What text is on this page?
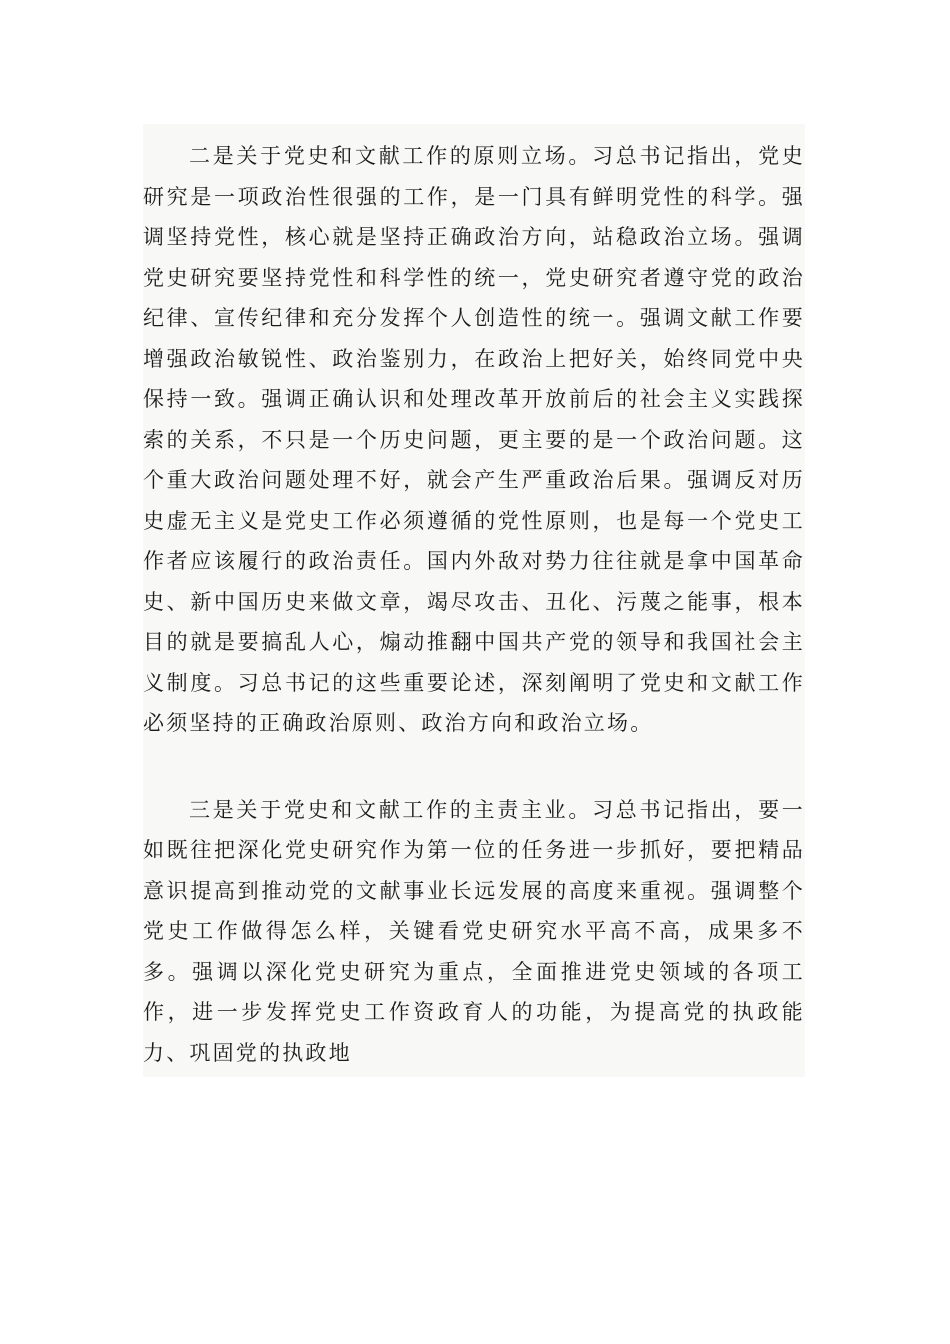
二是关于党史和文献工作的原则立场。习总书记指出，党史研究是一项政治性很强的工作，是一门具有鲜明党性的科学。强调坚持党性，核心就是坚持正确政治方向，站稳政治立场。强调党史研究要坚持党性和科学性的统一，党史研究者遵守党的政治纪律、宣传纪律和充分发挥个人创造性的统一。强调文献工作要增强政治敏锐性、政治鉴别力，在政治上把好关，始终同党中央保持一致。强调正确认识和处理改革开放前后的社会主义实践探索的关系，不只是一个历史问题，更主要的是一个政治问题。这个重大政治问题处理不好，就会产生严重政治后果。强调反对历史虚无主义是党史工作必须遵循的党性原则，也是每一个党史工作者应该履行的政治责任。国内外敌对势力往往就是拿中国革命史、新中国历史来做文章，竭尽攻击、丑化、污蔑之能事，根本目的就是要搞乱人心，煽动推翻中国共产党的领导和我国社会主义制度。习总书记的这些重要论述，深刻阐明了党史和文献工作必须坚持的正确政治原则、政治方向和政治立场。

三是关于党史和文献工作的主责主业。习总书记指出，要一如既往把深化党史研究作为第一位的任务进一步抓好，要把精品意识提高到推动党的文献事业长远发展的高度来重视。强调整个党史工作做得怎么样，关键看党史研究水平高不高，成果多不多。强调以深化党史研究为重点，全面推进党史领域的各项工作，进一步发挥党史工作资政育人的功能，为提高党的执政能力、巩固党的执政地
